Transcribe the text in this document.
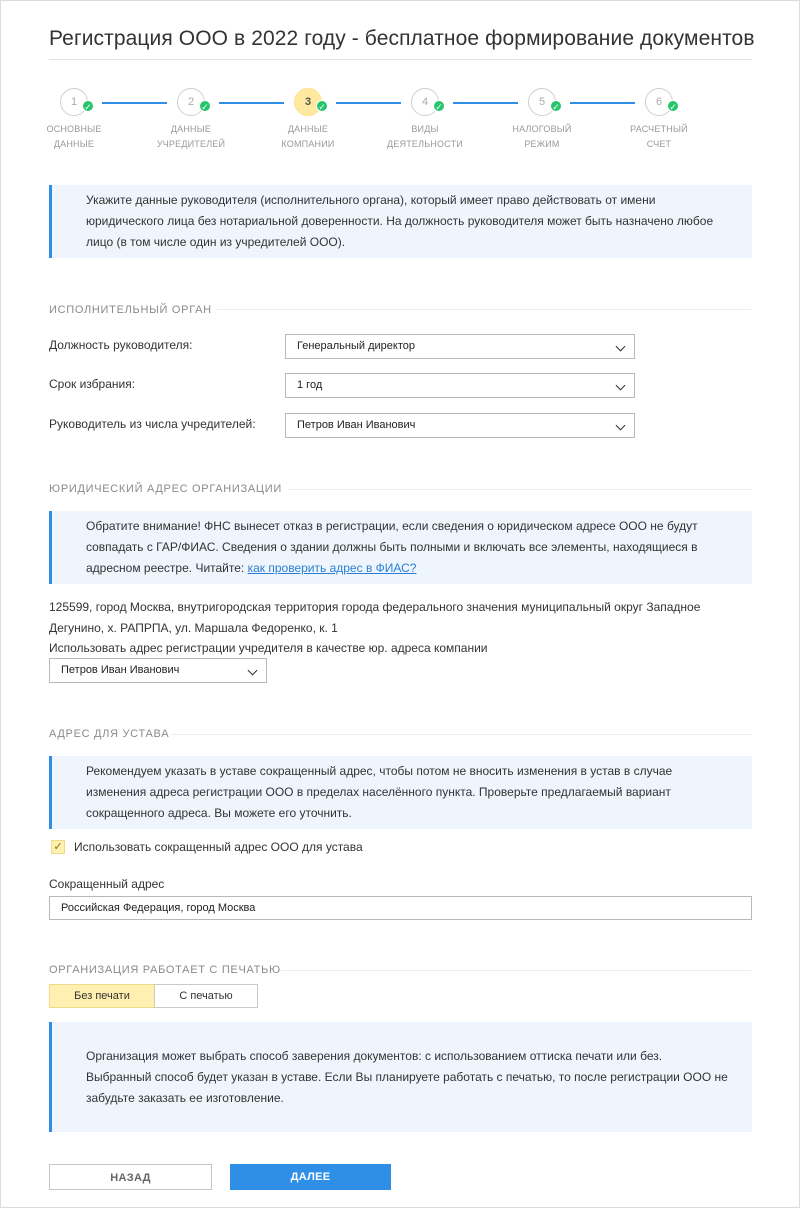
Регистрация ООО в 2022 году - бесплатное формирование документов
1 ✓
ОСНОВНЫЕ
ДАННЫЕ
2 ✓
ДАННЫЕ
УЧРЕДИТЕЛЕЙ
3 ✓
ДАННЫЕ
КОМПАНИИ
4 ✓
ВИДЫ
ДЕЯТЕЛЬНОСТИ
5 ✓
НАЛОГОВЫЙ
РЕЖИМ
6 ✓
РАСЧЕТНЫЙ
СЧЕТ
Укажите данные руководителя (исполнительного органа), который имеет право действовать от имени
юридического лица без нотариальной доверенности. На должность руководителя может быть назначено любое
лицо (в том числе один из учредителей ООО).
ИСПОЛНИТЕЛЬНЫЙ ОРГАН
Должность руководителя:	Генеральный директор
Срок избрания:	1 год
Руководитель из числа учредителей:	Петров Иван Иванович
ЮРИДИЧЕСКИЙ АДРЕС ОРГАНИЗАЦИИ
Обратите внимание! ФНС вынесет отказ в регистрации, если сведения о юридическом адресе ООО не будут
совпадать с ГАР/ФИАС. Сведения о здании должны быть полными и включать все элементы, находящиеся в
адресном реестре. Читайте: как проверить адрес в ФИАС?
125599, город Москва, внутригородская территория города федерального значения муниципальный округ Западное
Дегунино, х. РАПРПА, ул. Маршала Федоренко, к. 1
Использовать адрес регистрации учредителя в качестве юр. адреса компании
Петров Иван Иванович
АДРЕС ДЛЯ УСТАВА
Рекомендуем указать в уставе сокращенный адрес, чтобы потом не вносить изменения в устав в случае
изменения адреса регистрации ООО в пределах населённого пункта. Проверьте предлагаемый вариант
сокращенного адреса. Вы можете его уточнить.
✓ Использовать сокращенный адрес ООО для устава
Сокращенный адрес
Российская Федерация, город Москва
ОРГАНИЗАЦИЯ РАБОТАЕТ С ПЕЧАТЬЮ
Без печати	С печатью
Организация может выбрать способ заверения документов: с использованием оттиска печати или без.
Выбранный способ будет указан в уставе. Если Вы планируете работать с печатью, то после регистрации ООО не
забудьте заказать ее изготовление.
НАЗАД	ДАЛЕЕ
